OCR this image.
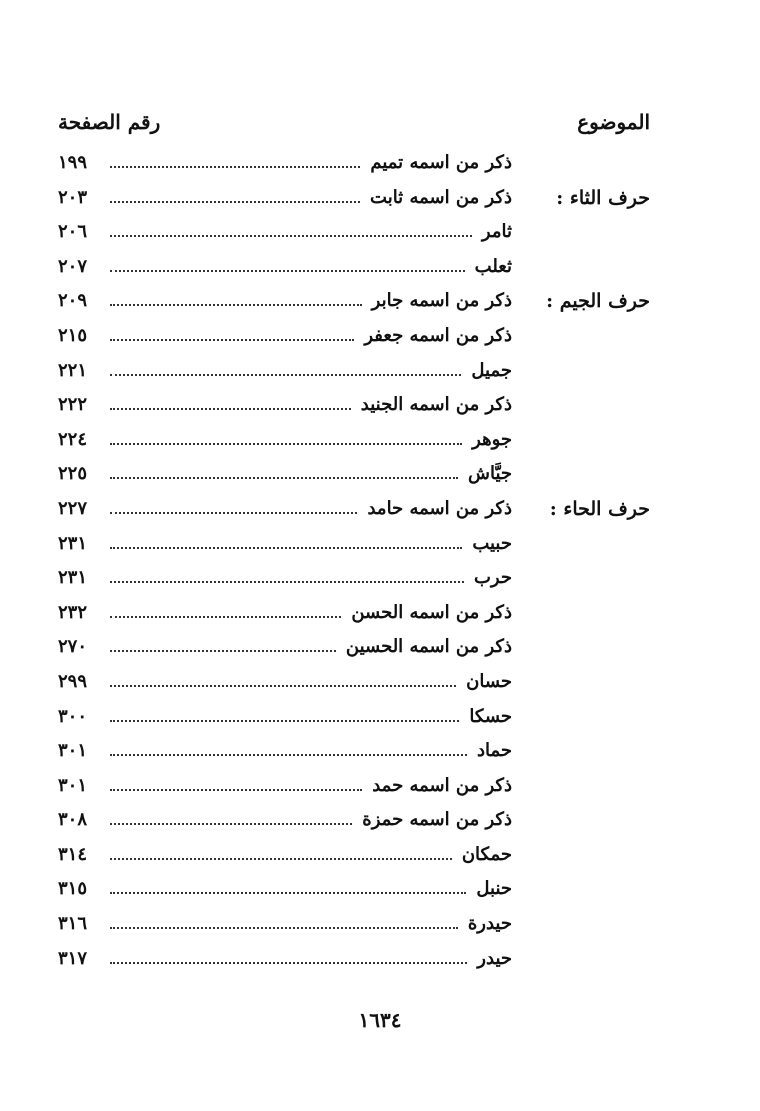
الموضوع
رقم الصفحة
ذكر من اسمه تميم
١٩٩
حرف الثاء :
ذكر من اسمه ثابت
٢٠٣
ثامر
٢٠٦
ثعلب
٢٠٧
حرف الجيم :
ذكر من اسمه جابر
٢٠٩
ذكر من اسمه جعفر
٢١٥
جميل
٢٢١
ذكر من اسمه الجنيد
٢٢٢
جوهر
٢٢٤
جيَّاش
٢٢٥
حرف الحاء :
ذكر من اسمه حامد
٢٢٧
حبيب
٢٣١
حرب
٢٣١
ذكر من اسمه الحسن
٢٣٢
ذكر من اسمه الحسين
٢٧٠
حسان
٢٩٩
حسكا
٣٠٠
حماد
٣٠١
ذكر من اسمه حمد
٣٠١
ذكر من اسمه حمزة
٣٠٨
حمكان
٣١٤
حنبل
٣١٥
حيدرة
٣١٦
حيدر
٣١٧
١٦٣٤
